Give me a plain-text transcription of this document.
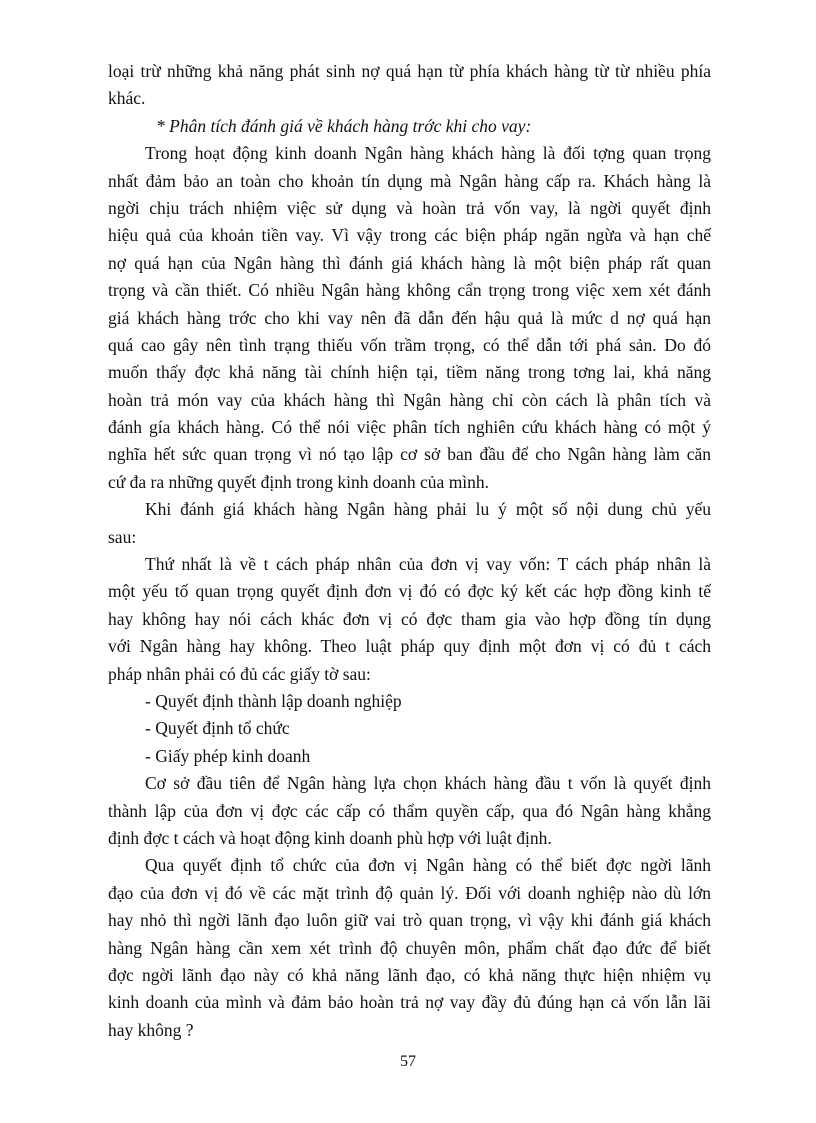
loại trừ những khả năng phát sinh nợ quá hạn từ phía khách hàng từ từ nhiều phía
khác.
* Phân tích đánh giá về khách hàng trớc khi cho vay:
Trong hoạt động kinh doanh Ngân hàng khách hàng là đối tợng quan trọng
nhất đảm bảo an toàn cho khoản tín dụng mà Ngân hàng cấp ra. Khách hàng là
ngời chịu trách nhiệm việc sử dụng và hoàn trả vốn vay, là ngời quyết định
hiệu quả của khoản tiền vay. Vì vậy trong các biện pháp ngăn ngừa và hạn chế
nợ quá hạn của Ngân hàng thì đánh giá khách hàng là một biện pháp rất quan
trọng và cần thiết. Có nhiều Ngân hàng không cẩn trọng trong việc xem xét đánh
giá khách hàng trớc cho khi vay nên đã dẫn đến hậu quả là mức d nợ quá hạn
quá cao gây nên tình trạng thiếu vốn trầm trọng, có thể dẫn tới phá sản. Do đó
muốn thấy đợc khả năng tài chính hiện tại, tiềm năng trong tơng lai, khả năng
hoàn trả món vay của khách hàng thì Ngân hàng chỉ còn cách là phân tích và
đánh gía khách hàng. Có thể nói việc phân tích nghiên cứu khách hàng có một ý
nghĩa hết sức quan trọng vì nó tạo lập cơ sở ban đầu để cho Ngân hàng làm căn
cứ đa ra những quyết định trong kinh doanh của mình.
Khi đánh giá khách hàng Ngân hàng phải lu ý một số nội dung chủ yếu
sau:
Thứ nhất là về t cách pháp nhân của đơn vị vay vốn: T cách pháp nhân là
một yếu tố quan trọng quyết định đơn vị đó có đợc ký kết các hợp đồng kinh tế
hay không hay nói cách khác đơn vị có đợc tham gia vào hợp đồng tín dụng
với Ngân hàng hay không. Theo luật pháp quy định một đơn vị có đủ t cách
pháp nhân phải có đủ các giấy tờ sau:
- Quyết định thành lập doanh nghiệp
- Quyết định tổ chức
- Giấy phép kinh doanh
Cơ sở đầu tiên để Ngân hàng lựa chọn khách hàng đầu t vốn là quyết định
thành lập của đơn vị đợc các cấp có thẩm quyền cấp, qua đó Ngân hàng khẳng
định đợc t cách và hoạt động kinh doanh phù hợp với luật định.
Qua quyết định tổ chức của đơn vị Ngân hàng có thể biết đợc ngời lãnh
đạo của đơn vị đó về các mặt trình độ quản lý. Đối với doanh nghiệp nào dù lớn
hay nhỏ thì ngời lãnh đạo luôn giữ vai trò quan trọng, vì vậy khi đánh giá khách
hàng Ngân hàng cần xem xét trình độ chuyên môn, phẩm chất đạo đức để biết
đợc ngời lãnh đạo này có khả năng lãnh đạo, có khả năng thực hiện nhiệm vụ
kinh doanh của mình và đảm bảo hoàn trả nợ vay đầy đủ đúng hạn cả vốn lẫn lãi
hay không ?
57
